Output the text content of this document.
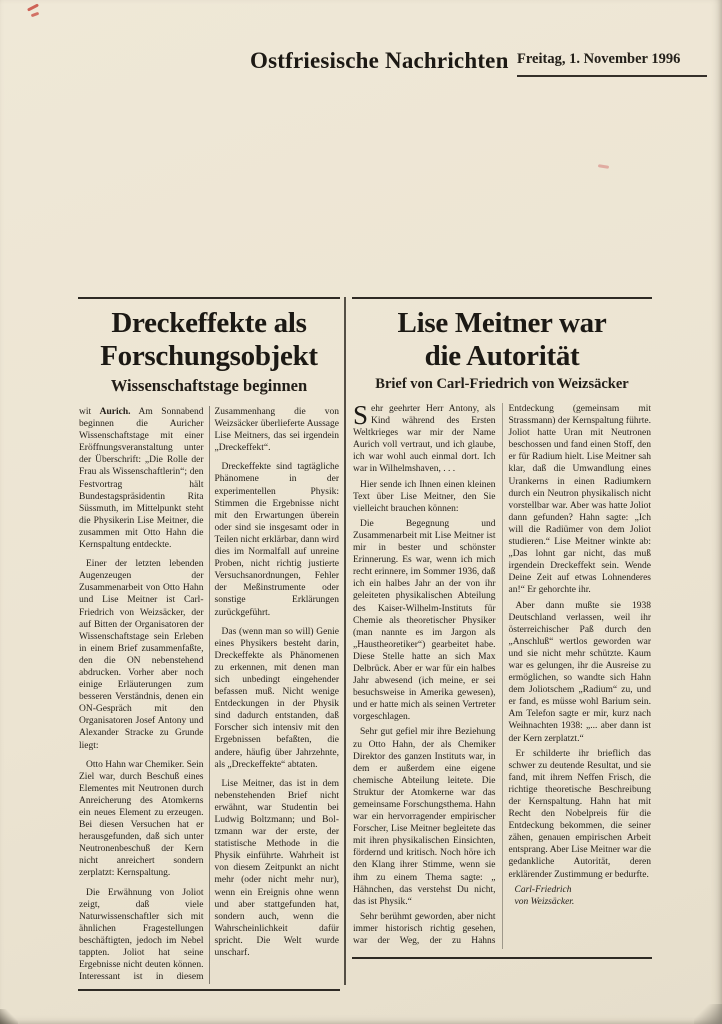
Ostfriesische Nachrichten Freitag, 1. November 1996
Dreckeffekte als
Forschungsobjekt
Wissenschaftstage beginnen

wit Aurich. Am Sonnabend beginnen die Auricher Wissenschaftstage mit einer Eröffnungsveranstaltung unter der Überschrift: „Die Rolle der Frau als Wissenschaftlerin“; den Festvortrag hält Bundestagspräsidentin Rita Süssmuth, im Mittelpunkt steht die Physikerin Lise Meitner, die zusammen mit Otto Hahn die Kernspaltung entdeckte.

Einer der letzten lebenden Augenzeugen der Zusammenarbeit von Otto Hahn und Lise Meitner ist Carl-Friedrich von Weizsäcker, der auf Bitten der Organisatoren der Wissenschaftstage sein Erleben in einem Brief zusammenfaßte, den die ON nebenstehend abdrucken. Vorher aber noch einige Erläuterungen zum besseren Verständnis, denen ein ON-Gespräch mit den Organisatoren Josef Antony und Alexander Stracke zu Grunde liegt:

Otto Hahn war Chemiker. Sein Ziel war, durch Beschuß eines Elementes mit Neutronen durch Anreicherung des Atomkerns ein neues Element zu erzeugen. Bei diesen Versuchen hat er herausgefunden, daß sich unter Neutronenbeschuß der Kern nicht anreichert sondern zerplatzt: Kernspaltung.

Die Erwähnung von Joliot zeigt, daß viele Naturwissenschaftler sich mit ähnlichen Fragestellungen beschäftigten, jedoch im Nebel tappten. Joliot hat seine Ergebnisse nicht deuten können. Interessant ist in diesem Zusammenhang die von Weizsäcker überlieferte Aussage Lise Meitners, das sei irgendein „Dreckeffekt“.

Dreckeffekte sind tagtägliche Phänomene in der experimentellen Physik: Stimmen die Ergebnisse nicht mit den Erwartungen überein oder sind sie insgesamt oder in Teilen nicht erklärbar, dann wird dies im Normalfall auf unreine Proben, nicht richtig justierte Versuchsanordnungen, Fehler der Meßinstrumente oder sonstige Erklärungen zurückgeführt.

Das (wenn man so will) Genie eines Physikers besteht darin, Dreckeffekte als Phänomenen zu erkennen, mit denen man sich unbedingt eingehender befassen muß. Nicht wenige Entdeckungen in der Physik sind dadurch entstanden, daß Forscher sich intensiv mit den Ergebnissen befaßten, die andere, häufig über Jahrzehnte, als „Dreckeffekte“ abtaten.

Lise Meitner, das ist in dem nebenstehenden Brief nicht erwähnt, war Studentin bei Ludwig Boltzmann; und Bol-tzmann war der erste, der statistische Methode in die Physik einführte. Wahrheit ist von diesem Zeitpunkt an nicht mehr (oder nicht mehr nur), wenn ein Ereignis ohne wenn und aber stattgefunden hat, sondern auch, wenn die Wahrscheinlichkeit dafür spricht. Die Welt wurde unscharf.

Lise Meitner war
die Autorität
Brief von Carl-Friedrich von Weizsäcker

Sehr geehrter Herr Antony, als Kind während des Ersten Weltkrieges war mir der Name Aurich voll vertraut, und ich glaube, ich war wohl auch einmal dort. Ich war in Wilhelmshaven, . . .

Hier sende ich Ihnen einen kleinen Text über Lise Meitner, den Sie vielleicht brauchen können:

Die Begegnung und Zusammenarbeit mit Lise Meitner ist mir in bester und schönster Erinnerung. Es war, wenn ich mich recht erinnere, im Sommer 1936, daß ich ein halbes Jahr an der von ihr geleiteten physikalischen Abteilung des Kaiser-Wilhelm-Instituts für Chemie als theoretischer Physiker (man nannte es im Jargon als „Haustheoretiker“) gearbeitet habe. Diese Stelle hatte an sich Max Delbrück. Aber er war für ein halbes Jahr abwesend (ich meine, er sei besuchsweise in Amerika gewesen), und er hatte mich als seinen Vertreter vorgeschlagen.

Sehr gut gefiel mir ihre Beziehung zu Otto Hahn, der als Chemiker Direktor des ganzen Instituts war, in dem er außerdem eine eigene chemische Abteilung leitete. Die Struktur der Atomkerne war das gemeinsame Forschungsthema. Hahn war ein hervorragender empirischer Forscher, Lise Meitner begleitete das mit ihren physikalischen Einsichten, fördernd und kritisch. Noch höre ich den Klang ihrer Stimme, wenn sie ihm zu einem Thema sagte: „ Hähnchen, das verstehst Du nicht, das ist Physik.“

Sehr berühmt geworden, aber nicht immer historisch richtig gesehen, war der Weg, der zu Hahns Entdeckung (gemeinsam mit Strassmann) der Kernspaltung führte. Joliot hatte Uran mit Neutronen beschossen und fand einen Stoff, den er für Radium hielt. Lise Meitner sah klar, daß die Umwandlung eines Urankerns in einen Radiumkern durch ein Neutron physikalisch nicht vorstellbar war. Aber was hatte Joliot dann gefunden? Hahn sagte: „Ich will die Radiümer von dem Joliot studieren.“ Lise Meitner winkte ab: „Das lohnt gar nicht, das muß irgendein Dreckeffekt sein. Wende Deine Zeit auf etwas Lohnenderes an!“ Er gehorchte ihr.

Aber dann mußte sie 1938 Deutschland verlassen, weil ihr österreichischer Paß durch den „Anschluß“ wertlos geworden war und sie nicht mehr schützte. Kaum war es gelungen, ihr die Ausreise zu ermöglichen, so wandte sich Hahn dem Joliotschem „Radium“ zu, und er fand, es müsse wohl Barium sein. Am Telefon sagte er mir, kurz nach Weihnachten 1938: „... aber dann ist der Kern zerplatzt.“

Er schilderte ihr brieflich das schwer zu deutende Resultat, und sie fand, mit ihrem Neffen Frisch, die richtige theoretische Beschreibung der Kernspaltung. Hahn hat mit Recht den Nobelpreis für die Entdeckung bekommen, die seiner zähen, genauen empirischen Arbeit entsprang. Aber Lise Meitner war die gedankliche Autorität, deren erklärender Zustimmung er bedurfte.

Carl-Friedrich
von Weizsäcker.
